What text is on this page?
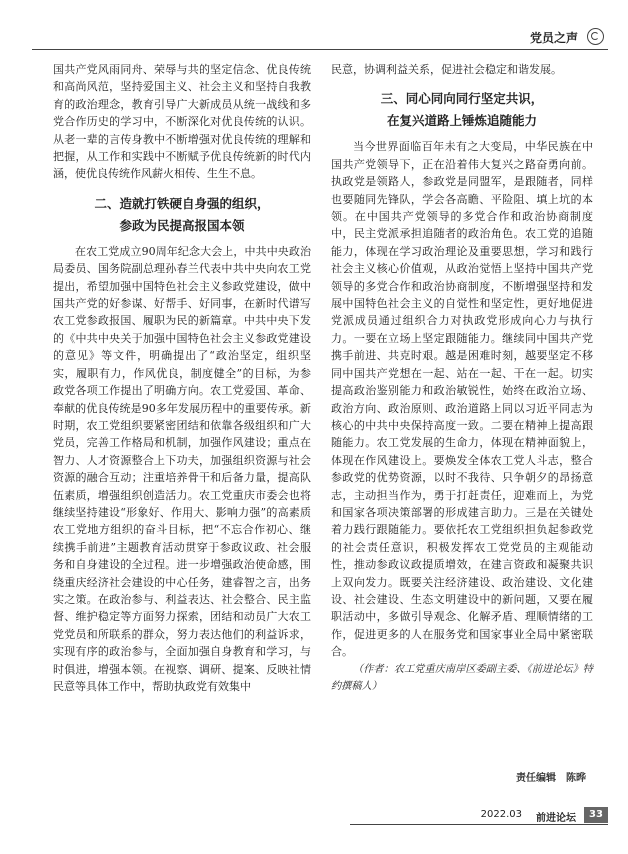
党员之声

国共产党风雨同舟、荣辱与共的坚定信念、优良传统和高尚风范，坚持爱国主义、社会主义和坚持自我教育的政治理念，教育引导广大新成员从统一战线和多党合作历史的学习中，不断深化对优良传统的认识。从老一辈的言传身教中不断增强对优良传统的理解和把握，从工作和实践中不断赋予优良传统新的时代内涵，使优良传统作风薪火相传、生生不息。

二、造就打铁硬自身强的组织，
参政为民提高报国本领

在农工党成立90周年纪念大会上，中共中央政治局委员、国务院副总理孙春兰代表中共中央向农工党提出，希望加强中国特色社会主义参政党建设，做中国共产党的好参谋、好帮手、好同事，在新时代谱写农工党参政报国、履职为民的新篇章。中共中央下发的《中共中央关于加强中国特色社会主义参政党建设的意见》等文件，明确提出了“政治坚定，组织坚实，履职有力，作风优良，制度健全”的目标，为参政党各项工作提出了明确方向。农工党爱国、革命、奉献的优良传统是90多年发展历程中的重要传承。新时期，农工党组织要紧密团结和依靠各级组织和广大党员，完善工作格局和机制，加强作风建设；重点在智力、人才资源整合上下功夫，加强组织资源与社会资源的融合互动；注重培养骨干和后备力量，提高队伍素质，增强组织创造活力。农工党重庆市委会也将继续坚持建设“形象好、作用大、影响力强”的高素质农工党地方组织的奋斗目标，把“不忘合作初心、继续携手前进”主题教育活动贯穿于参政议政、社会服务和自身建设的全过程。进一步增强政治使命感，围绕重庆经济社会建设的中心任务，建睿智之言，出务实之策。在政治参与、利益表达、社会整合、民主监督、维护稳定等方面努力探索，团结和动员广大农工党党员和所联系的群众，努力表达他们的利益诉求，实现有序的政治参与，全面加强自身教育和学习，与时俱进，增强本领。在视察、调研、提案、反映社情民意等具体工作中，帮助执政党有效集中

民意，协调利益关系，促进社会稳定和谐发展。

三、同心同向同行坚定共识，
在复兴道路上锤炼追随能力

当今世界面临百年未有之大变局，中华民族在中国共产党领导下，正在沿着伟大复兴之路奋勇向前。执政党是领路人，参政党是同盟军，是跟随者，同样也要随同先锋队，学会各高瞻、平险阻、填上坑的本领。在中国共产党领导的多党合作和政治协商制度中，民主党派承担追随者的政治角色。农工党的追随能力，体现在学习政治理论及重要思想，学习和践行社会主义核心价值观，从政治觉悟上坚持中国共产党领导的多党合作和政治协商制度，不断增强坚持和发展中国特色社会主义的自觉性和坚定性，更好地促进党派成员通过组织合力对执政党形成向心力与执行力。一要在立场上坚定跟随能力。继续同中国共产党携手前进、共克时艰。越是困难时刻，越要坚定不移同中国共产党想在一起、站在一起、干在一起。切实提高政治鉴别能力和政治敏锐性，始终在政治立场、政治方向、政治原则、政治道路上同以习近平同志为核心的中共中央保持高度一致。二要在精神上提高跟随能力。农工党发展的生命力，体现在精神面貌上，体现在作风建设上。要焕发全体农工党人斗志，整合参政党的优势资源，以时不我待、只争朝夕的昂扬意志，主动担当作为，勇于打赶责任，迎难而上，为党和国家各项决策部署的形成建言助力。三是在关键处着力践行跟随能力。要依托农工党组织担负起参政党的社会责任意识，积极发挥农工党党员的主观能动性，推动参政议政提质增效，在建言资政和凝聚共识上双向发力。既要关注经济建设、政治建设、文化建设、社会建设、生态文明建设中的新问题，又要在履职活动中，多做引导观念、化解矛盾、理顺情绪的工作，促进更多的人在服务党和国家事业全局中紧密联合。

（作者：农工党重庆南岸区委副主委、《前进论坛》特约撰稿人）

责任编辑　陈晔
2022.03 前进论坛	33
